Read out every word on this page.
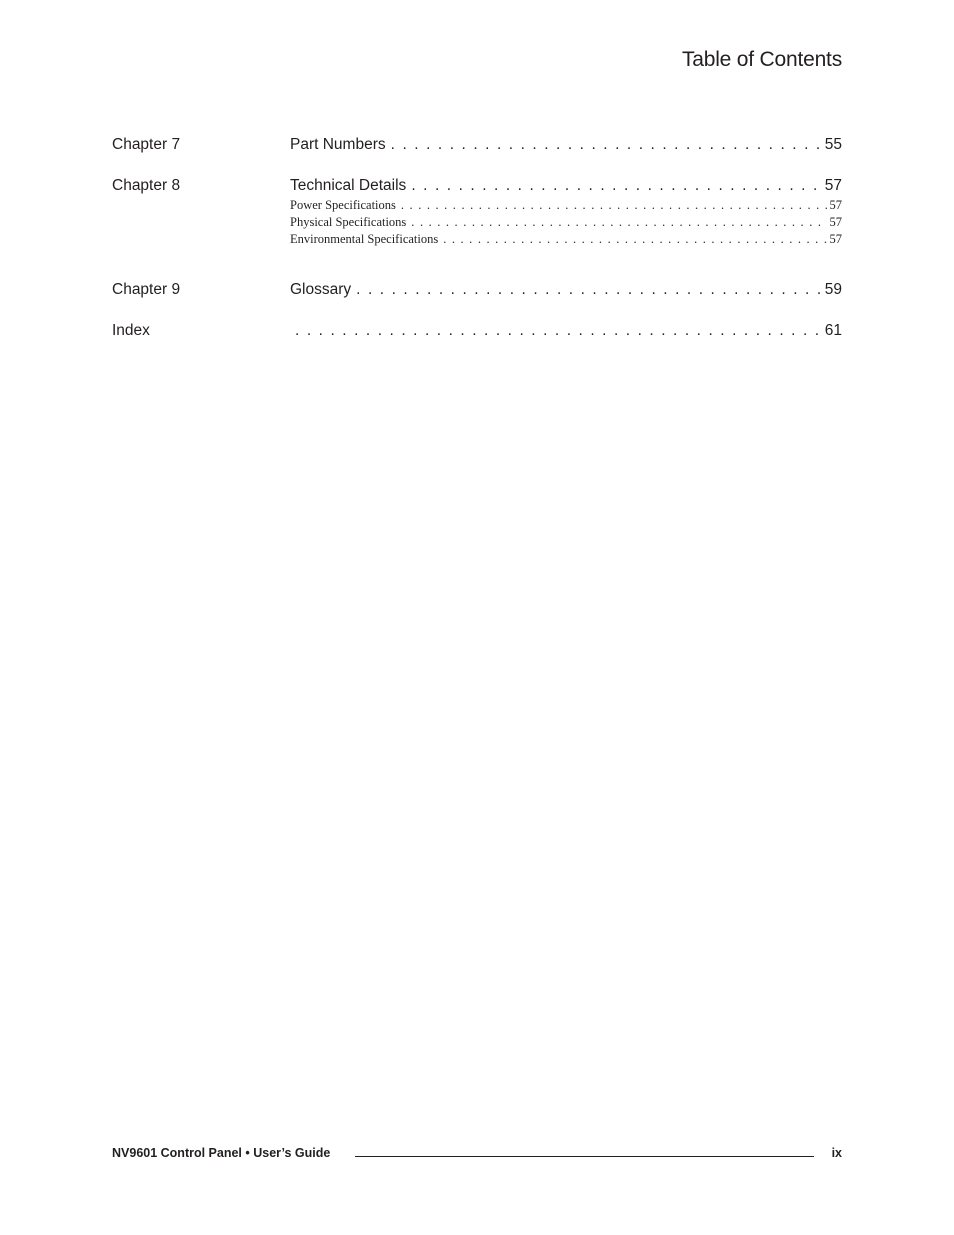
Table of Contents
Chapter 7	Part Numbers . . .	55
Chapter 8	Technical Details . . .	57
Power Specifications . . .	57
Physical Specifications . . .	57
Environmental Specifications . . .	57
Chapter 9	Glossary . . .	59
Index . . .	61
NV9601 Control Panel • User’s Guide	ix
